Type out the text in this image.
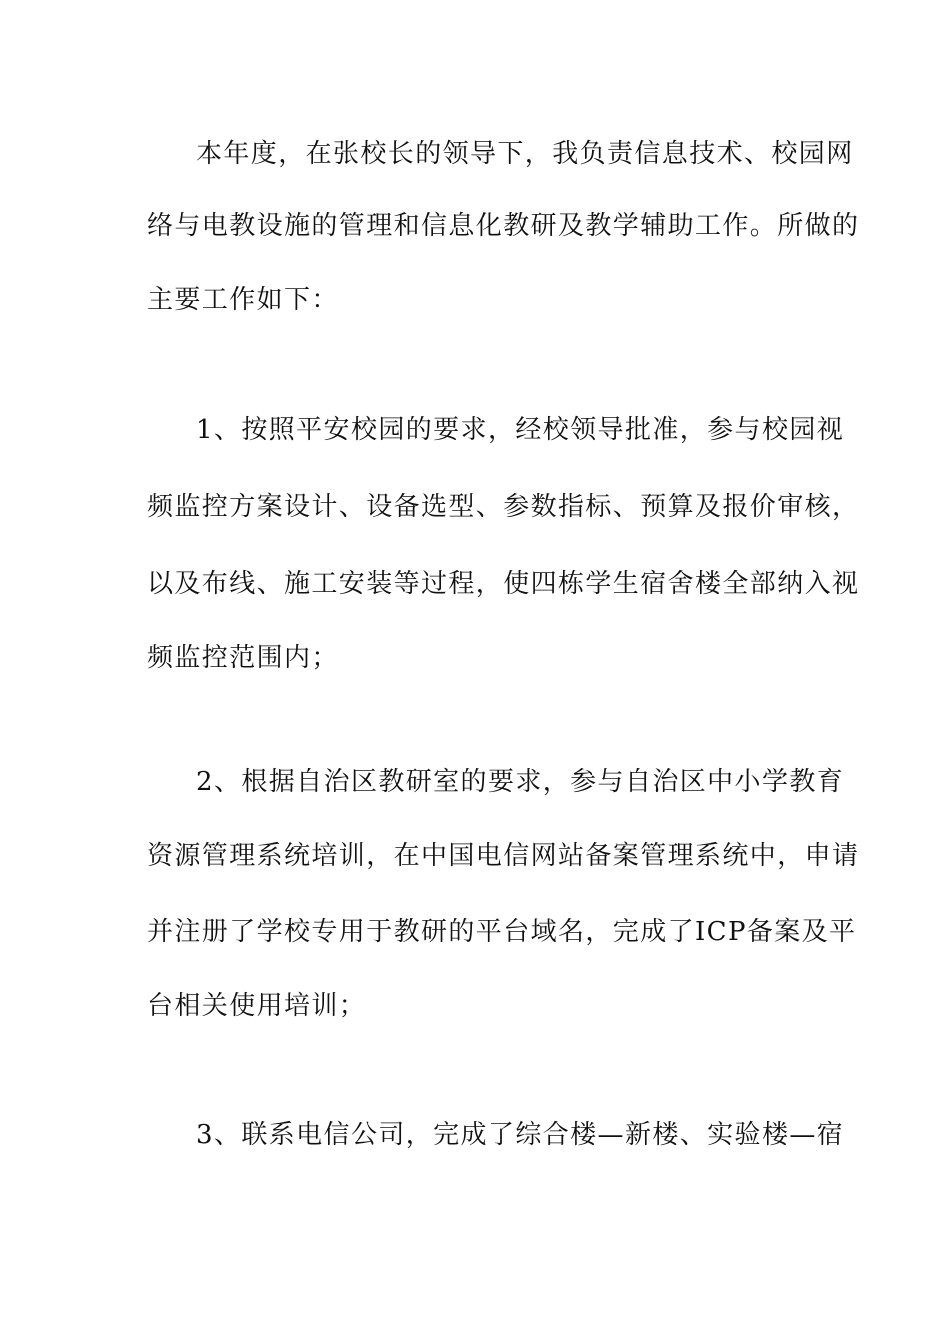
本年度，在张校长的领导下，我负责信息技术、校园网

络与电教设施的管理和信息化教研及教学辅助工作。所做的

主要工作如下：

1、按照平安校园的要求，经校领导批准，参与校园视

频监控方案设计、设备选型、参数指标、预算及报价审核，

以及布线、施工安装等过程，使四栋学生宿舍楼全部纳入视

频监控范围内；

2、根据自治区教研室的要求，参与自治区中小学教育

资源管理系统培训，在中国电信网站备案管理系统中，申请

并注册了学校专用于教研的平台域名，完成了ICP备案及平

台相关使用培训；

3、联系电信公司，完成了综合楼—新楼、实验楼—宿
